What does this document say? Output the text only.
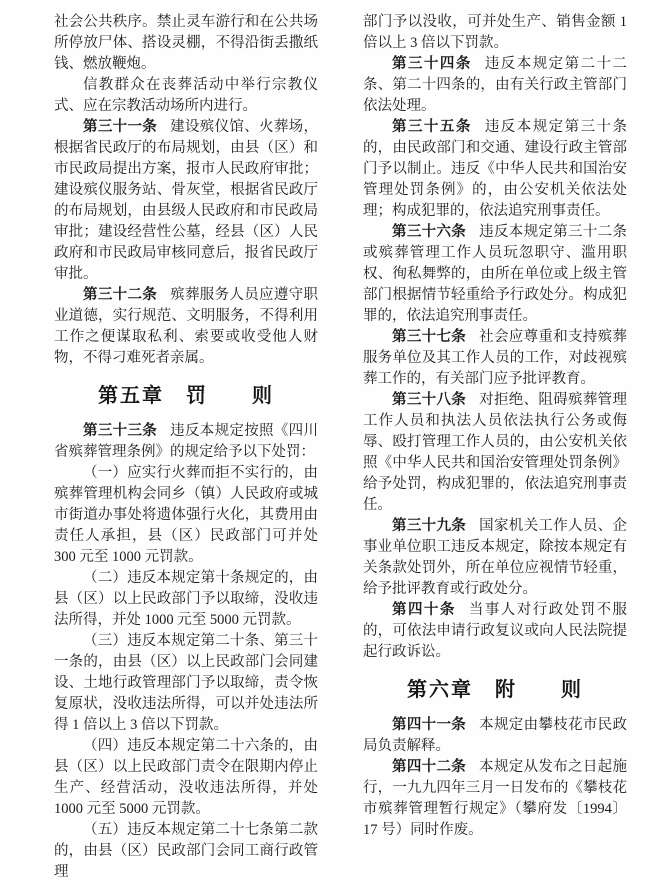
社会公共秩序。禁止灵车游行和在公共场所停放尸体、搭设灵棚，不得沿街丢撒纸钱、燃放鞭炮。

信教群众在丧葬活动中举行宗教仪式、应在宗教活动场所内进行。

第三十一条 建设殡仪馆、火葬场，根据省民政厅的布局规划，由县（区）和市民政局提出方案，报市人民政府审批；建设殡仪服务站、骨灰堂，根据省民政厅的布局规划，由县级人民政府和市民政局审批；建设经营性公墓，经县（区）人民政府和市民政局审核同意后，报省民政厅审批。

第三十二条 殡葬服务人员应遵守职业道德，实行规范、文明服务，不得利用工作之便谋取私利、索要或收受他人财物，不得刁难死者亲属。

第五章　罚　　则

第三十三条 违反本规定按照《四川省殡葬管理条例》的规定给予以下处罚：

（一）应实行火葬而拒不实行的，由殡葬管理机构会同乡（镇）人民政府或城市街道办事处将遗体强行火化，其费用由责任人承担，县（区）民政部门可并处 300 元至 1000 元罚款。

（二）违反本规定第十条规定的，由县（区）以上民政部门予以取缔，没收违法所得，并处 1000 元至 5000 元罚款。

（三）违反本规定第二十条、第三十一条的，由县（区）以上民政部门会同建设、土地行政管理部门予以取缔，责令恢复原状，没收违法所得，可以并处违法所得 1 倍以上 3 倍以下罚款。

（四）违反本规定第二十六条的，由县（区）以上民政部门责令在限期内停止生产、经营活动，没收违法所得，并处 1000 元至 5000 元罚款。

（五）违反本规定第二十七条第二款的，由县（区）民政部门会同工商行政管理

部门予以没收，可并处生产、销售金额 1 倍以上 3 倍以下罚款。

第三十四条 违反本规定第二十二条、第二十四条的，由有关行政主管部门依法处理。

第三十五条 违反本规定第三十条的，由民政部门和交通、建设行政主管部门予以制止。违反《中华人民共和国治安管理处罚条例》的，由公安机关依法处理；构成犯罪的，依法追究刑事责任。

第三十六条 违反本规定第三十二条或殡葬管理工作人员玩忽职守、滥用职权、徇私舞弊的，由所在单位或上级主管部门根据情节轻重给予行政处分。构成犯罪的，依法追究刑事责任。

第三十七条 社会应尊重和支持殡葬服务单位及其工作人员的工作，对歧视殡葬工作的，有关部门应予批评教育。

第三十八条 对拒绝、阻碍殡葬管理工作人员和执法人员依法执行公务或侮辱、殴打管理工作人员的，由公安机关依照《中华人民共和国治安管理处罚条例》给予处罚，构成犯罪的，依法追究刑事责任。

第三十九条 国家机关工作人员、企事业单位职工违反本规定，除按本规定有关条款处罚外，所在单位应视情节轻重，给予批评教育或行政处分。

第四十条 当事人对行政处罚不服的，可依法申请行政复议或向人民法院提起行政诉讼。

第六章　附　　则

第四十一条 本规定由攀枝花市民政局负责解释。

第四十二条 本规定从发布之日起施行，一九九四年三月一日发布的《攀枝花市殡葬管理暂行规定》（攀府发〔1994〕17 号）同时作废。
